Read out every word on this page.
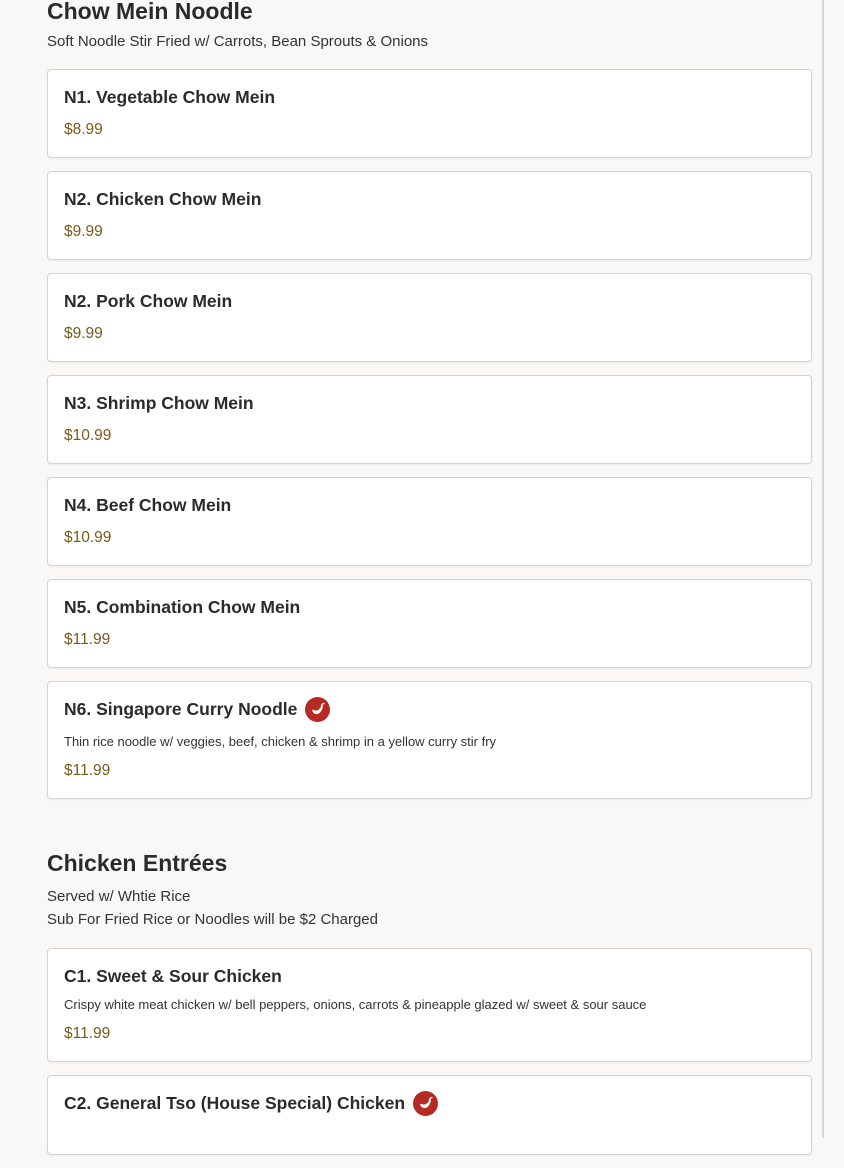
Chow Mein Noodle

Soft Noodle Stir Fried w/ Carrots, Bean Sprouts & Onions

N1. Vegetable Chow Mein
$8.99
N2. Chicken Chow Mein
$9.99
N2. Pork Chow Mein
$9.99
N3. Shrimp Chow Mein
$10.99
N4. Beef Chow Mein
$10.99
N5. Combination Chow Mein
$11.99
N6. Singapore Curry Noodle
Thin rice noodle w/ veggies, beef, chicken & shrimp in a yellow curry stir fry
$11.99
Chicken Entrées

Served w/ Whtie Rice

Sub For Fried Rice or Noodles will be $2 Charged

C1. Sweet & Sour Chicken
Crispy white meat chicken w/ bell peppers, onions, carrots & pineapple glazed w/ sweet & sour sauce
$11.99
C2. General Tso (House Special) Chicken
